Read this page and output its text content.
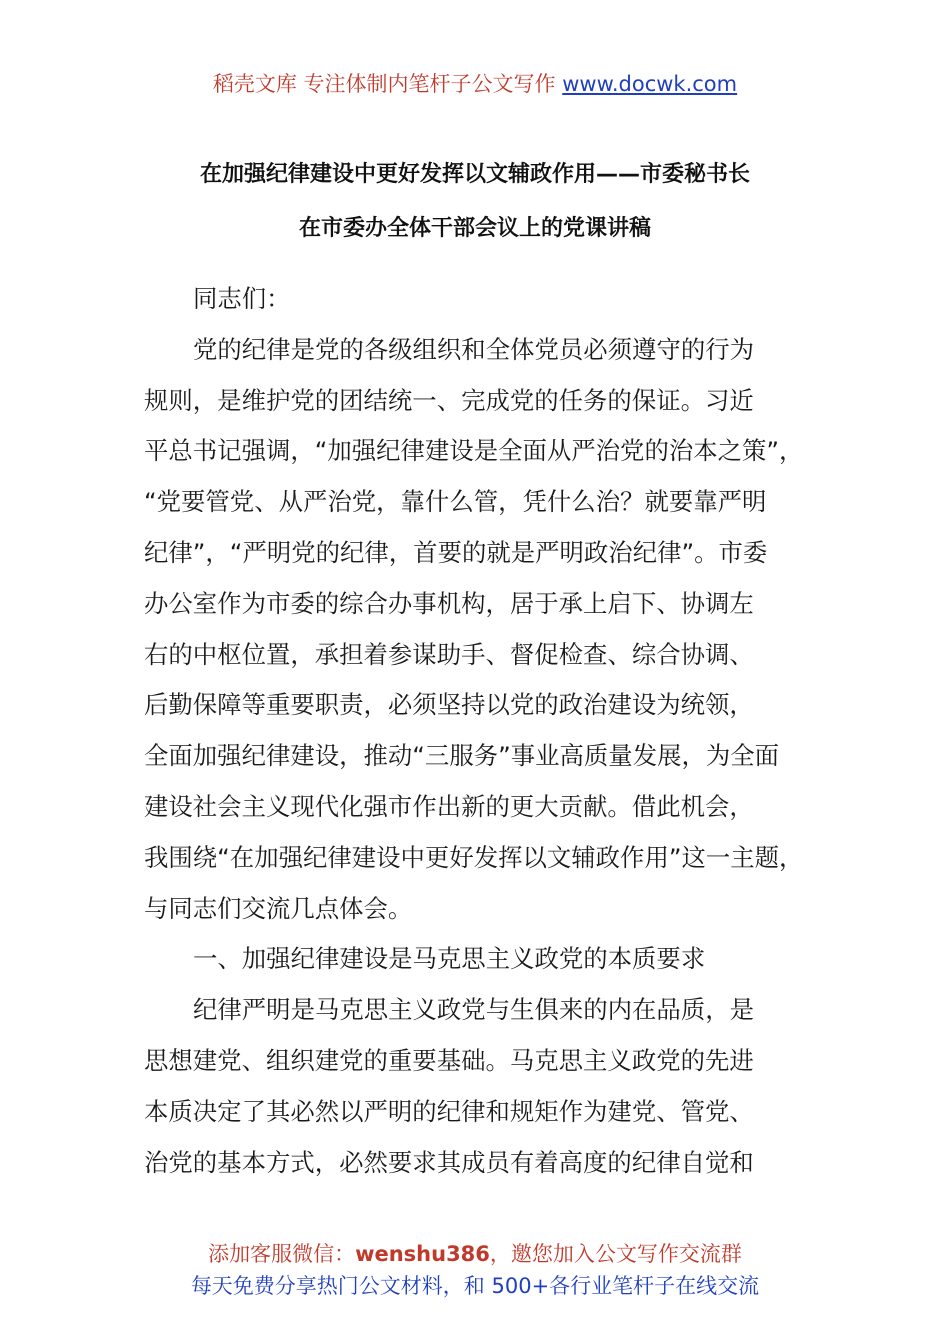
稻壳文库 专注体制内笔杆子公文写作 www.docwk.com
在加强纪律建设中更好发挥以文辅政作用——市委秘书长
在市委办全体干部会议上的党课讲稿
同志们：
党的纪律是党的各级组织和全体党员必须遵守的行为
规则，是维护党的团结统一、完成党的任务的保证。习近
平总书记强调，“加强纪律建设是全面从严治党的治本之策”，
“党要管党、从严治党，靠什么管，凭什么治？就要靠严明
纪律”，“严明党的纪律，首要的就是严明政治纪律”。市委
办公室作为市委的综合办事机构，居于承上启下、协调左
右的中枢位置，承担着参谋助手、督促检查、综合协调、
后勤保障等重要职责，必须坚持以党的政治建设为统领，
全面加强纪律建设，推动“三服务”事业高质量发展，为全面
建设社会主义现代化强市作出新的更大贡献。借此机会，
我围绕“在加强纪律建设中更好发挥以文辅政作用”这一主题，
与同志们交流几点体会。
一、加强纪律建设是马克思主义政党的本质要求
纪律严明是马克思主义政党与生俱来的内在品质，是
思想建党、组织建党的重要基础。马克思主义政党的先进
本质决定了其必然以严明的纪律和规矩作为建党、管党、
治党的基本方式，必然要求其成员有着高度的纪律自觉和
添加客服微信：wenshu386，邀您加入公文写作交流群
每天免费分享热门公文材料，和 500+各行业笔杆子在线交流
